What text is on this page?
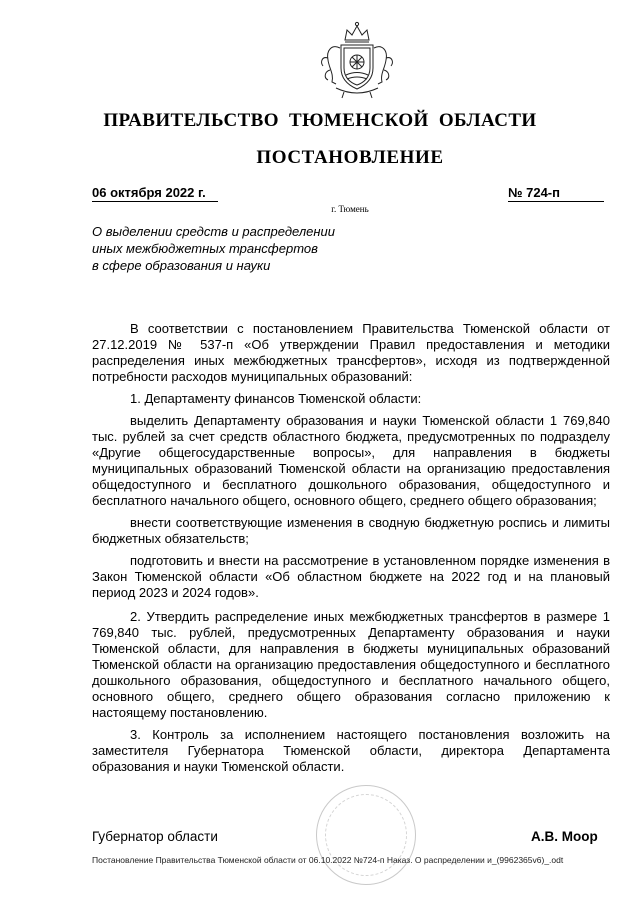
ПРАВИТЕЛЬСТВО ТЮМЕНСКОЙ ОБЛАСТИ
ПОСТАНОВЛЕНИЕ
06 октября 2022 г.	№ 724-п
г. Тюмень
О выделении средств и распределении
иных межбюджетных трансфертов
в сфере образования и науки

В соответствии с постановлением Правительства Тюменской области от 27.12.2019 № 537-п «Об утверждении Правил предоставления и методики распределения иных межбюджетных трансфертов», исходя из подтвержденной потребности расходов муниципальных образований:

1. Департаменту финансов Тюменской области:

выделить Департаменту образования и науки Тюменской области 1 769,840 тыс. рублей за счет средств областного бюджета, предусмотренных по подразделу «Другие общегосударственные вопросы», для направления в бюджеты муниципальных образований Тюменской области на организацию предоставления общедоступного и бесплатного дошкольного образования, общедоступного и бесплатного начального общего, основного общего, среднего общего образования;

внести соответствующие изменения в сводную бюджетную роспись и лимиты бюджетных обязательств;

подготовить и внести на рассмотрение в установленном порядке изменения в Закон Тюменской области «Об областном бюджете на 2022 год и на плановый период 2023 и 2024 годов».

2. Утвердить распределение иных межбюджетных трансфертов в размере 1 769,840 тыс. рублей, предусмотренных Департаменту образования и науки Тюменской области, для направления в бюджеты муниципальных образований Тюменской области на организацию предоставления общедоступного и бесплатного дошкольного образования, общедоступного и бесплатного начального общего, основного общего, среднего общего образования согласно приложению к настоящему постановлению.

3. Контроль за исполнением настоящего постановления возложить на заместителя Губернатора Тюменской области, директора Департамента образования и науки Тюменской области.

Губернатор области	А.В. Моор
Постановление Правительства Тюменской области от 06.10.2022 №724-п Наказ. О распределении и_(9962365v6)_.odt
